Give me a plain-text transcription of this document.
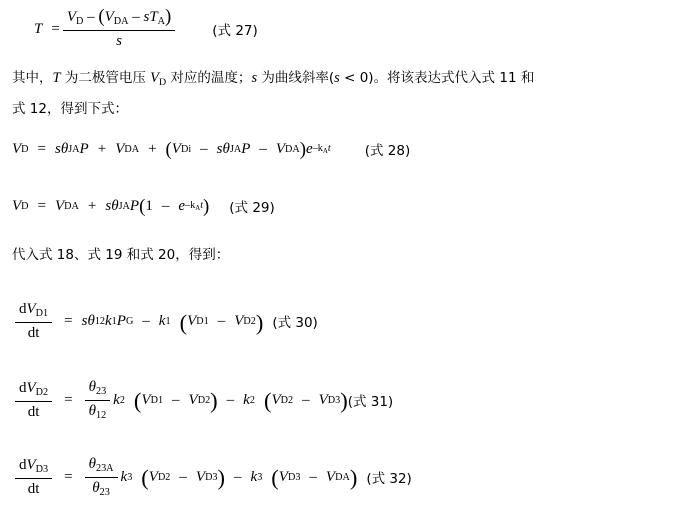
$T = \frac{V_D - (V_{DA} - sT_A)}{s}$	(式 27)
其中，T 为二极管电压 $V_D$ 对应的温度；s 为曲线斜率(s < 0)。将该表达式代入式 11 和
式 12，得到下式：
V D = s θ JA P + V DA + ( V Di – s θ JA P – V DA ) e $-k_At$	(式 28)
V D = V DA + s θ JA P ( 1 – e $-k_At$ ) (式 29)
代入式 18、式 19 和式 20，得到：
$\frac{dV_{D1}}{dt} = s$ θ 12 k 1 P G – k 1 ( V D1 – V D2 ) (式 30)
$\frac{dV_{D2}}{dt} = \frac{\theta_{23}}{\theta_{12}}$ k 2 ( V D1 – V D2 ) – k 2 ( V D2 – V D3 ) (式 31)
$\frac{dV_{D3}}{dt} = \frac{\theta_{23A}}{\theta_{23}}$ k 3 ( V D2 – V D3 ) – k 3 ( V D3 – V DA ) (式 32)
